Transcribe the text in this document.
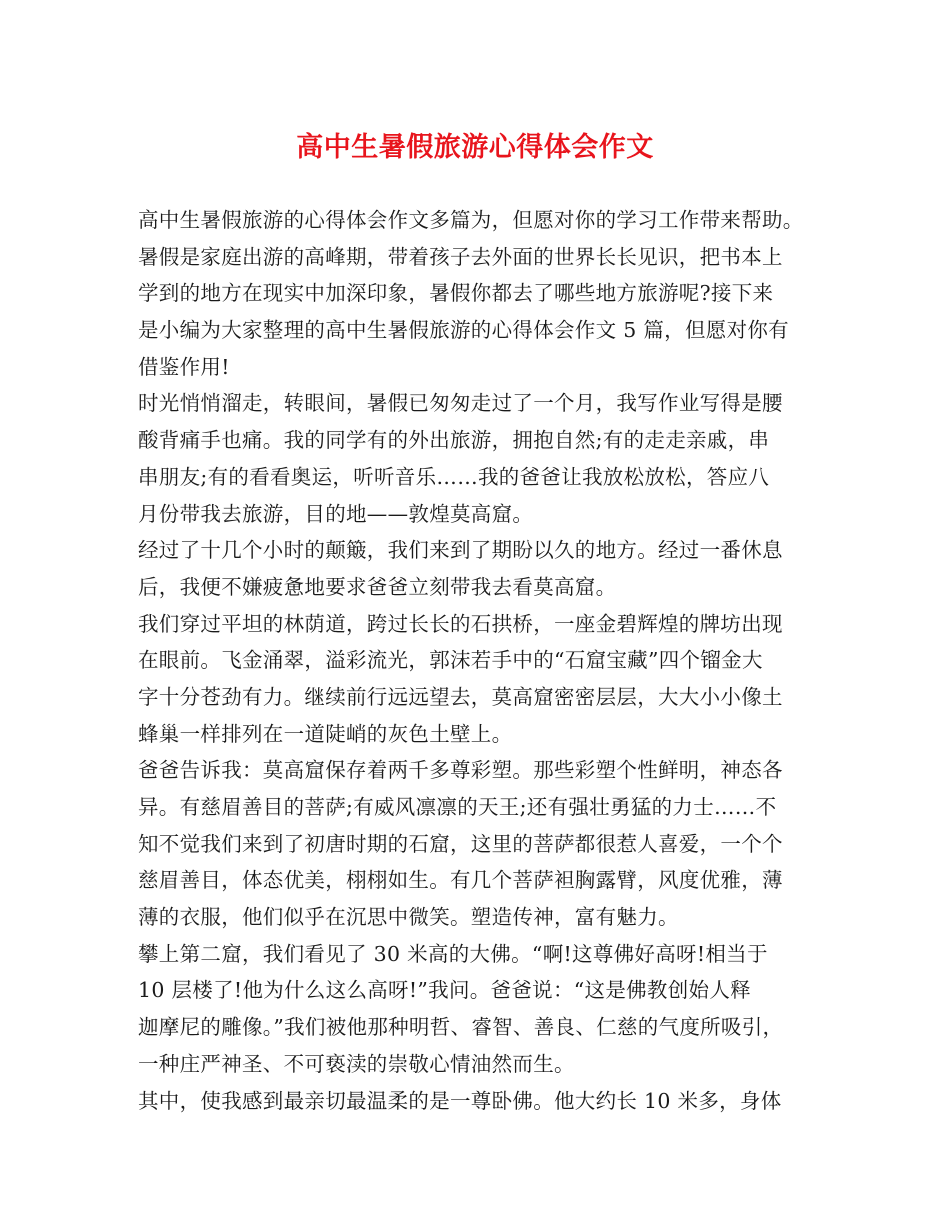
高中生暑假旅游心得体会作文
高中生暑假旅游的心得体会作文多篇为，但愿对你的学习工作带来帮助。
暑假是家庭出游的高峰期，带着孩子去外面的世界长长见识，把书本上
学到的地方在现实中加深印象，暑假你都去了哪些地方旅游呢?接下来
是小编为大家整理的高中生暑假旅游的心得体会作文 5 篇，但愿对你有
借鉴作用!
时光悄悄溜走，转眼间，暑假已匆匆走过了一个月，我写作业写得是腰
酸背痛手也痛。我的同学有的外出旅游，拥抱自然;有的走走亲戚，串
串朋友;有的看看奥运，听听音乐……我的爸爸让我放松放松，答应八
月份带我去旅游，目的地——敦煌莫高窟。
经过了十几个小时的颠簸，我们来到了期盼以久的地方。经过一番休息
后，我便不嫌疲惫地要求爸爸立刻带我去看莫高窟。
我们穿过平坦的林荫道，跨过长长的石拱桥，一座金碧辉煌的牌坊出现
在眼前。飞金涌翠，溢彩流光，郭沫若手中的“石窟宝藏”四个镏金大
字十分苍劲有力。继续前行远远望去，莫高窟密密层层，大大小小像土
蜂巢一样排列在一道陡峭的灰色土壁上。
爸爸告诉我：莫高窟保存着两千多尊彩塑。那些彩塑个性鲜明，神态各
异。有慈眉善目的菩萨;有威风凛凛的天王;还有强壮勇猛的力士……不
知不觉我们来到了初唐时期的石窟，这里的菩萨都很惹人喜爱，一个个
慈眉善目，体态优美，栩栩如生。有几个菩萨袒胸露臂，风度优雅，薄
薄的衣服，他们似乎在沉思中微笑。塑造传神，富有魅力。
攀上第二窟，我们看见了 30 米高的大佛。“啊!这尊佛好高呀!相当于
10 层楼了!他为什么这么高呀!”我问。爸爸说：“这是佛教创始人释
迦摩尼的雕像。”我们被他那种明哲、睿智、善良、仁慈的气度所吸引，
一种庄严神圣、不可亵渎的崇敬心情油然而生。
其中，使我感到最亲切最温柔的是一尊卧佛。他大约长 10 米多，身体
